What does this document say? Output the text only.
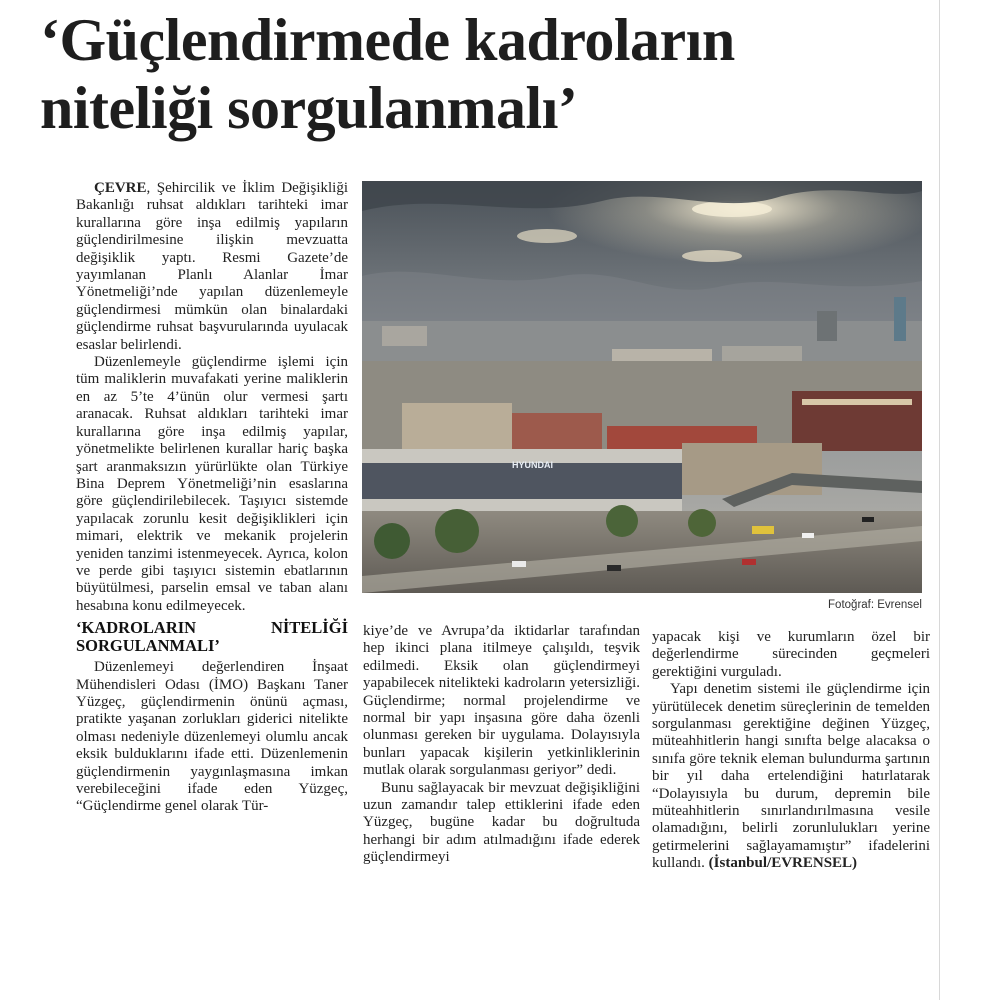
‘Güçlendirmede kadroların
niteliği sorgulanmalı’

ÇEVRE, Şehircilik ve İklim Değişikliği Bakanlığı ruhsat aldıkları tarihteki imar kurallarına göre inşa edilmiş yapıların güçlendirilmesine ilişkin mevzuatta değişiklik yaptı. Resmi Gazete’de yayımlanan Planlı Alanlar İmar Yönetmeliği’nde yapılan düzenlemeyle güçlendirmesi mümkün olan binalardaki güçlendirme ruhsat başvurularında uyulacak esaslar belirlendi.

Düzenlemeyle güçlendirme işlemi için tüm maliklerin muvafakati yerine maliklerin en az 5’te 4’ünün olur vermesi şartı aranacak. Ruhsat aldıkları tarihteki imar kurallarına göre inşa edilmiş yapılar, yönetmelikte belirlenen kurallar hariç başka şart aranmaksızın yürürlükte olan Türkiye Bina Deprem Yönetmeliği’nin esaslarına göre güçlendirilebilecek. Taşıyıcı sistemde yapılacak zorunlu kesit değişiklikleri için mimari, elektrik ve mekanik projelerin yeniden tanzimi istenmeyecek. Ayrıca, kolon ve perde gibi taşıyıcı sistemin ebatlarının büyütülmesi, parselin emsal ve taban alanı hesabına konu edilmeyecek.

‘KADROLARIN NİTELİĞİ SORGULANMALI’

Düzenlemeyi değerlendiren İnşaat Mühendisleri Odası (İMO) Başkanı Taner Yüzgeç, güçlendirmenin önünü açması, pratikte yaşanan zorlukları giderici nitelikte olması nedeniyle düzenlemeyi olumlu ancak eksik bulduklarını ifade etti. Düzenlemenin güçlendirmenin yaygınlaşmasına imkan verebileceğini ifade eden Yüzgeç, “Güçlendirme genel olarak Tür-

HYUNDAI
Fotoğraf: Evrensel

kiye’de ve Avrupa’da iktidarlar tarafından hep ikinci plana itilmeye çalışıldı, teşvik edilmedi. Eksik olan güçlendirmeyi yapabilecek nitelikteki kadroların yetersizliği. Güçlendirme; normal projelendirme ve normal bir yapı inşasına göre daha özenli olunması gereken bir uygulama. Dolayısıyla bunları yapacak kişilerin yetkinliklerinin mutlak olarak sorgulanması geriyor” dedi.

Bunu sağlayacak bir mevzuat değişikliğini uzun zamandır talep ettiklerini ifade eden Yüzgeç, bugüne kadar bu doğrultuda herhangi bir adım atılmadığını ifade ederek güçlendirmeyi

yapacak kişi ve kurumların özel bir değerlendirme sürecinden geçmeleri gerektiğini vurguladı.

Yapı denetim sistemi ile güçlendirme için yürütülecek denetim süreçlerinin de temelden sorgulanması gerektiğine değinen Yüzgeç, müteahhitlerin hangi sınıfta belge alacaksa o sınıfa göre teknik eleman bulundurma şartının bir yıl daha ertelendiğini hatırlatarak “Dolayısıyla bu durum, depremin bile müteahhitlerin sınırlandırılmasına vesile olamadığını, belirli zorunlulukları yerine getirmelerini sağlayamamıştır” ifadelerini kullandı. (İstanbul/EVRENSEL)
